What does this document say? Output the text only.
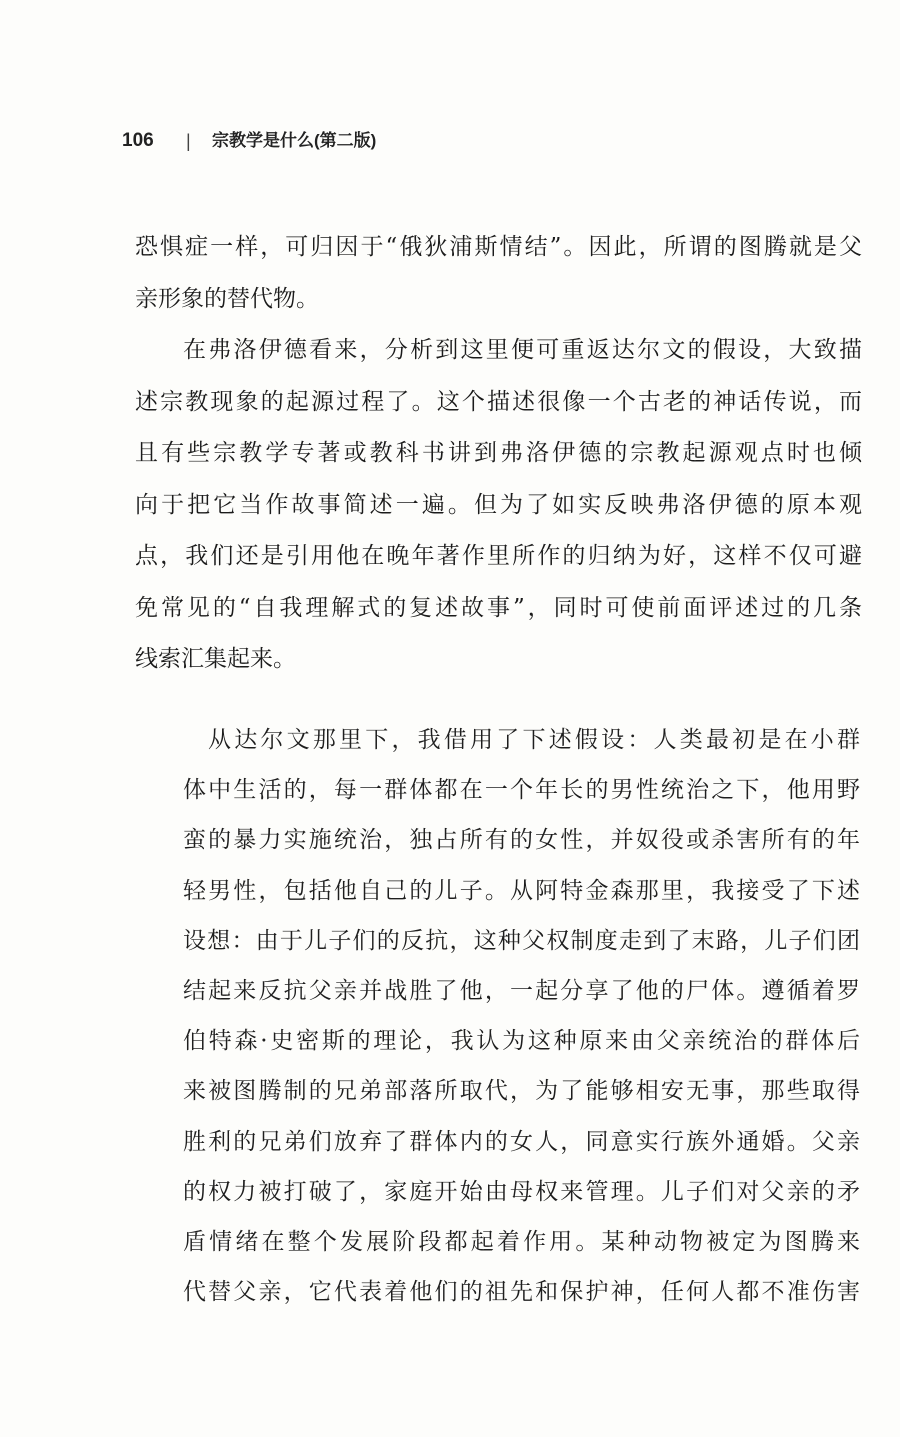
106 | 宗教学是什么(第二版)
恐惧症一样，可归因于“俄狄浦斯情结”。因此，所谓的图腾就是父
亲形象的替代物。
在弗洛伊德看来，分析到这里便可重返达尔文的假设，大致描
述宗教现象的起源过程了。这个描述很像一个古老的神话传说，而
且有些宗教学专著或教科书讲到弗洛伊德的宗教起源观点时也倾
向于把它当作故事简述一遍。但为了如实反映弗洛伊德的原本观
点，我们还是引用他在晚年著作里所作的归纳为好，这样不仅可避
免常见的“自我理解式的复述故事”，同时可使前面评述过的几条
线索汇集起来。
从达尔文那里下，我借用了下述假设：人类最初是在小群
体中生活的，每一群体都在一个年长的男性统治之下，他用野
蛮的暴力实施统治，独占所有的女性，并奴役或杀害所有的年
轻男性，包括他自己的儿子。从阿特金森那里，我接受了下述
设想：由于儿子们的反抗，这种父权制度走到了末路，儿子们团
结起来反抗父亲并战胜了他，一起分享了他的尸体。遵循着罗
伯特森·史密斯的理论，我认为这种原来由父亲统治的群体后
来被图腾制的兄弟部落所取代，为了能够相安无事，那些取得
胜利的兄弟们放弃了群体内的女人，同意实行族外通婚。父亲
的权力被打破了，家庭开始由母权来管理。儿子们对父亲的矛
盾情绪在整个发展阶段都起着作用。某种动物被定为图腾来
代替父亲，它代表着他们的祖先和保护神，任何人都不准伤害
